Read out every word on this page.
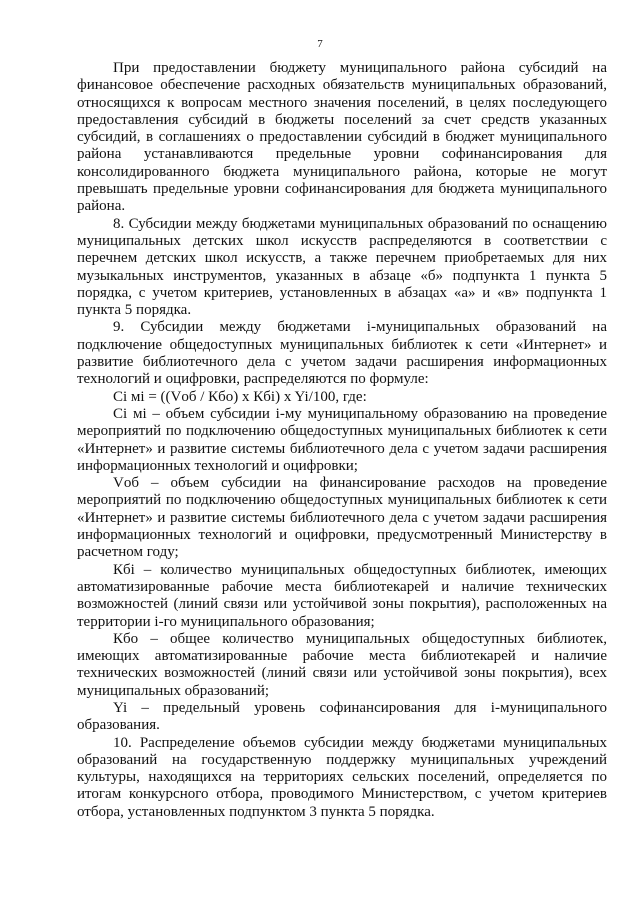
7

При предоставлении бюджету муниципального района субсидий на финансовое обеспечение расходных обязательств муниципальных образований, относящихся к вопросам местного значения поселений, в целях последующего предоставления субсидий в бюджеты поселений за счет средств указанных субсидий, в соглашениях о предоставлении субсидий в бюджет муниципального района устанавливаются предельные уровни софинансирования для консолидированного бюджета муниципального района, которые не могут превышать предельные уровни софинансирования для бюджета муниципального района.

8. Субсидии между бюджетами муниципальных образований по оснащению муниципальных детских школ искусств распределяются в соответствии с перечнем детских школ искусств, а также перечнем приобретаемых для них музыкальных инструментов, указанных в абзаце «б» подпункта 1 пункта 5 порядка, с учетом критериев, установленных в абзацах «а» и «в» подпункта 1 пункта 5 порядка.

9. Субсидии между бюджетами i-муниципальных образований на подключение общедоступных муниципальных библиотек к сети «Интернет» и развитие библиотечного дела с учетом задачи расширения информационных технологий и оцифровки, распределяются по формуле:

Ci мi = ((Vоб / Кбо) x Кбi) x Yi/100, где:

Ci мi – объем субсидии i-му муниципальному образованию на проведение мероприятий по подключению общедоступных муниципальных библиотек к сети «Интернет» и развитие системы библиотечного дела с учетом задачи расширения информационных технологий и оцифровки;

Vоб – объем субсидии на финансирование расходов на проведение мероприятий по подключению общедоступных муниципальных библиотек к сети «Интернет» и развитие системы библиотечного дела с учетом задачи расширения информационных технологий и оцифровки, предусмотренный Министерству в расчетном году;

Кбi – количество муниципальных общедоступных библиотек, имеющих автоматизированные рабочие места библиотекарей и наличие технических возможностей (линий связи или устойчивой зоны покрытия), расположенных на территории i-го муниципального образования;

Кбо – общее количество муниципальных общедоступных библиотек, имеющих автоматизированные рабочие места библиотекарей и наличие технических возможностей (линий связи или устойчивой зоны покрытия), всех муниципальных образований;

Yi – предельный уровень софинансирования для i-муниципального образования.

10. Распределение объемов субсидии между бюджетами муниципальных образований на государственную поддержку муниципальных учреждений культуры, находящихся на территориях сельских поселений, определяется по итогам конкурсного отбора, проводимого Министерством, с учетом критериев отбора, установленных подпунктом 3 пункта 5 порядка.
